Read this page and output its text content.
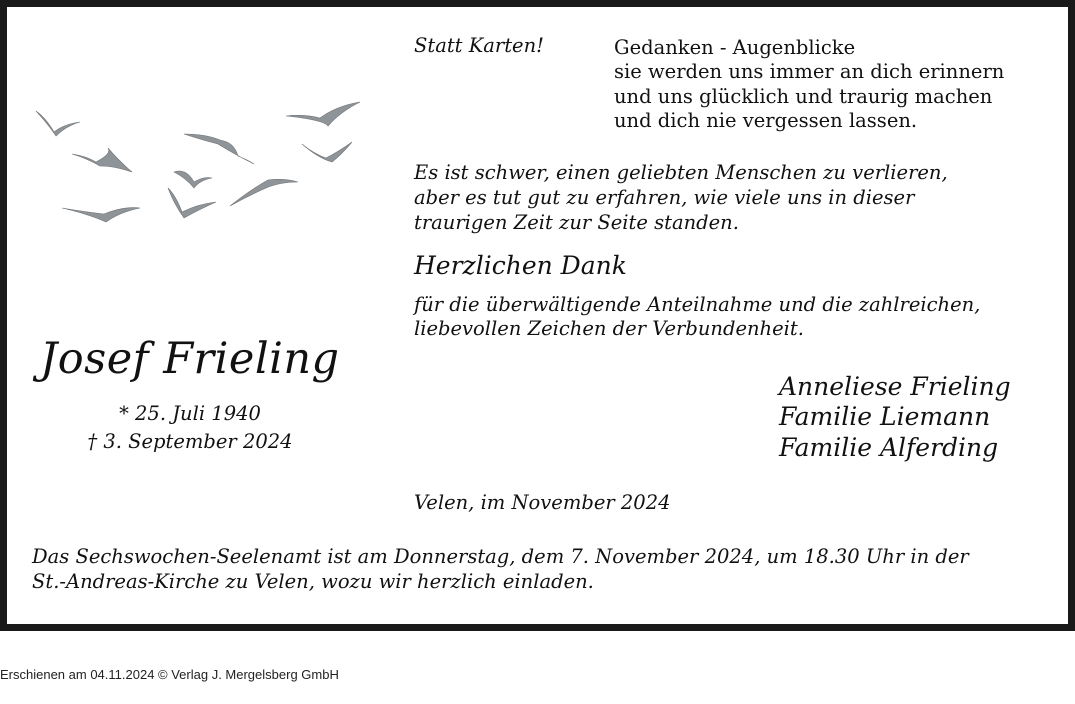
Josef Frieling
* 25. Juli 1940
† 3. September 2024
Statt Karten!	Gedanken - Augenblicke
sie werden uns immer an dich erinnern
und uns glücklich und traurig machen
und dich nie vergessen lassen.
Es ist schwer, einen geliebten Menschen zu verlieren,
aber es tut gut zu erfahren, wie viele uns in dieser
traurigen Zeit zur Seite standen.
Herzlichen Dank
für die überwältigende Anteilnahme und die zahlreichen,
liebevollen Zeichen der Verbundenheit.
Anneliese Frieling
Familie Liemann
Familie Alferding
Velen, im November 2024
Das Sechswochen-Seelenamt ist am Donnerstag, dem 7. November 2024, um 18.30 Uhr in der
St.-Andreas-Kirche zu Velen, wozu wir herzlich einladen.
Erschienen am 04.11.2024 © Verlag J. Mergelsberg GmbH
